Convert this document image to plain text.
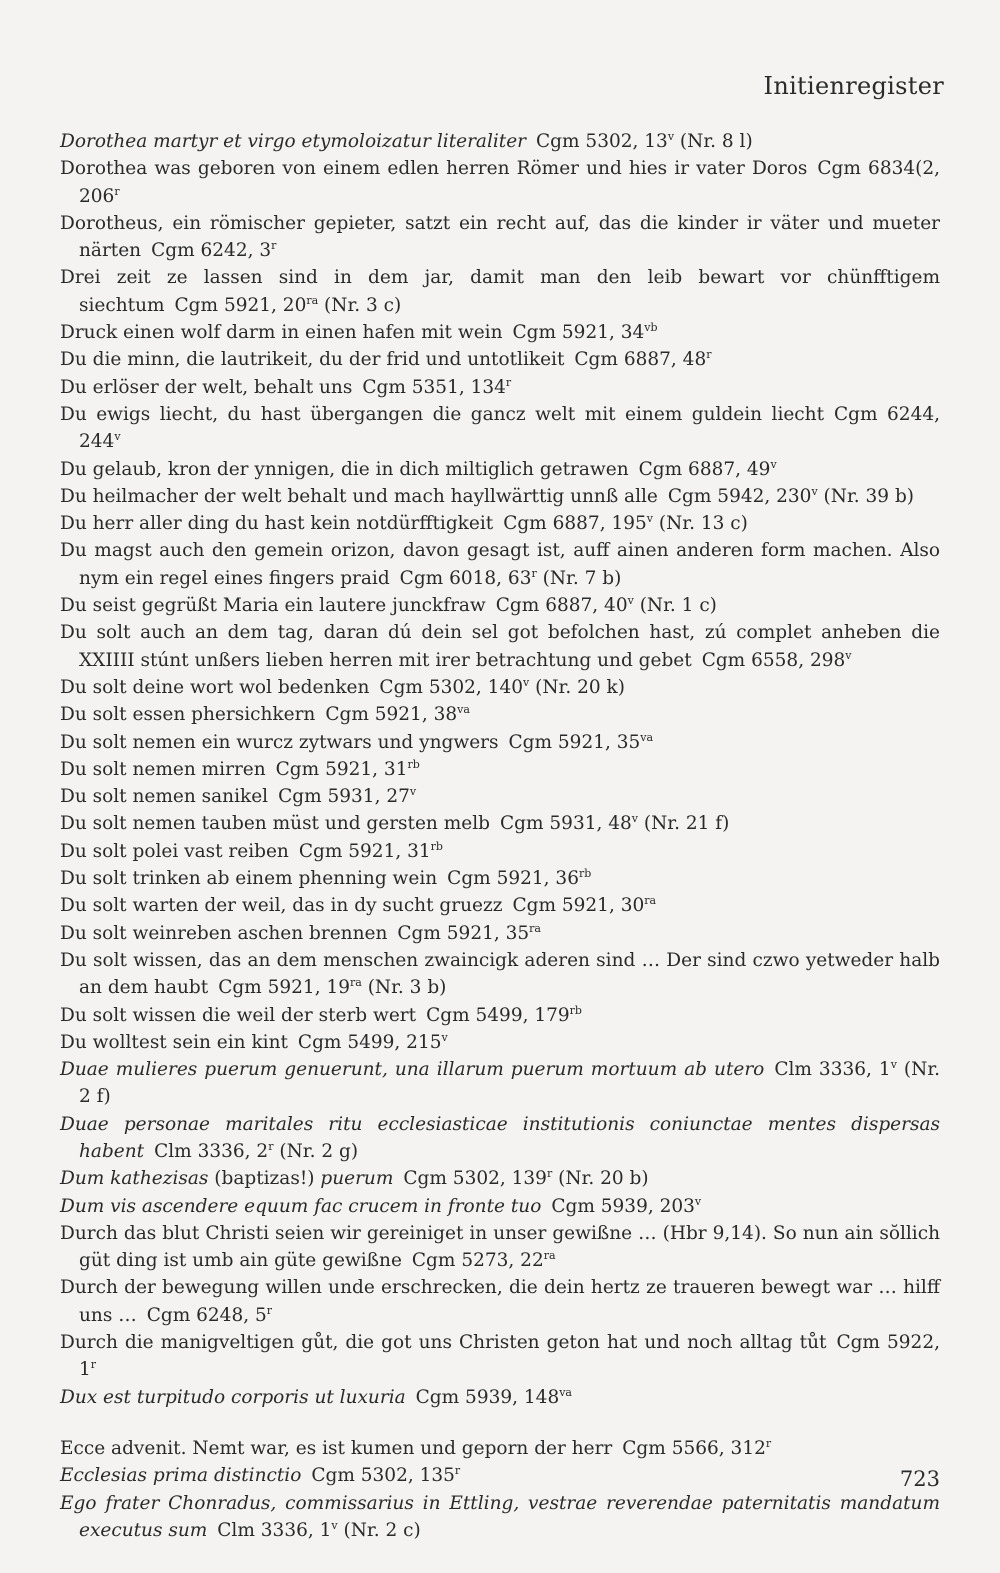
Initienregister
Dorothea martyr et virgo etymoloizatur literaliter Cgm 5302, 13$^v$ (Nr. 8 l)
Dorothea was geboren von einem edlen herren Römer und hies ir vater Doros Cgm 6834(2, 206$^r$
Dorotheus, ein römischer gepieter, satzt ein recht auf, das die kinder ir väter und mueter närten Cgm 6242, 3$^r$
Drei zeit ze lassen sind in dem jar, damit man den leib bewart vor chünfftigem siechtum Cgm 5921, $20^{ra}$ (Nr. 3 c)
Druck einen wolf darm in einen hafen mit wein Cgm 5921, $34^{vb}$
Du die minn, die lautrikeit, du der frid und untotlikeit Cgm 6887, 48$^r$
Du erlöser der welt, behalt uns Cgm 5351, 134$^r$
Du ewigs liecht, du hast übergangen die gancz welt mit einem guldein liecht Cgm 6244, 244$^v$
Du gelaub, kron der ynnigen, die in dich miltiglich getrawen Cgm 6887, 49$^v$
Du heilmacher der welt behalt und mach hayllwärttig unnß alle Cgm 5942, 230$^v$ (Nr. 39 b)
Du herr aller ding du hast kein notdürfftigkeit Cgm 6887, 195$^v$ (Nr. 13 c)
Du magst auch den gemein orizon, davon gesagt ist, auff ainen anderen form machen. Also nym ein regel eines fingers praid Cgm 6018, 63$^r$ (Nr. 7 b)
Du seist gegrüßt Maria ein lautere junckfraw Cgm 6887, 40$^v$ (Nr. 1 c)
Du solt auch an dem tag, daran dú dein sel got befolchen hast, zú complet anheben die XXIIII stúnt unßers lieben herren mit irer betrachtung und gebet Cgm 6558, 298$^v$
Du solt deine wort wol bedenken Cgm 5302, 140$^v$ (Nr. 20 k)
Du solt essen phersichkern Cgm 5921, $38^{va}$
Du solt nemen ein wurcz zytwars und yngwers Cgm 5921, $35^{va}$
Du solt nemen mirren Cgm 5921, $31^{rb}$
Du solt nemen sanikel Cgm 5931, 27$^v$
Du solt nemen tauben müst und gersten melb Cgm 5931, 48$^v$ (Nr. 21 f)
Du solt polei vast reiben Cgm 5921, $31^{rb}$
Du solt trinken ab einem phenning wein Cgm 5921, $36^{rb}$
Du solt warten der weil, das in dy sucht gruezz Cgm 5921, $30^{ra}$
Du solt weinreben aschen brennen Cgm 5921, $35^{ra}$
Du solt wissen, das an dem menschen zwaincigk aderen sind … Der sind czwo yetweder halb an dem haubt Cgm 5921, $19^{ra}$ (Nr. 3 b)
Du solt wissen die weil der sterb wert Cgm 5499, $179^{rb}$
Du wolltest sein ein kint Cgm 5499, 215$^v$
Duae mulieres puerum genuerunt, una illarum puerum mortuum ab utero Clm 3336, 1$^v$ (Nr. 2 f)
Duae personae maritales ritu ecclesiasticae institutionis coniunctae mentes dispersas habent Clm 3336, 2$^r$ (Nr. 2 g)
Dum kathezisas (baptizas!) puerum Cgm 5302, 139$^r$ (Nr. 20 b)
Dum vis ascendere equum fac crucem in fronte tuo Cgm 5939, 203$^v$
Durch das blut Christi seien wir gereiniget in unser gewißne … (Hbr 9,14). So nun ain sŏllich güt ding ist umb ain güte gewißne Cgm 5273, $22^{ra}$
Durch der bewegung willen unde erschrecken, die dein hertz ze traueren bewegt war … hilff uns … Cgm 6248, 5$^r$
Durch die manigveltigen gůt, die got uns Christen geton hat und noch alltag tůt Cgm 5922, 1$^r$
Dux est turpitudo corporis ut luxuria Cgm 5939, $148^{va}$
Ecce advenit. Nemt war, es ist kumen und geporn der herr Cgm 5566, 312$^r$
Ecclesias prima distinctio Cgm 5302, 135$^r$
Ego frater Chonradus, commissarius in Ettling, vestrae reverendae paternitatis mandatum executus sum Clm 3336, 1$^v$ (Nr. 2 c)
723
